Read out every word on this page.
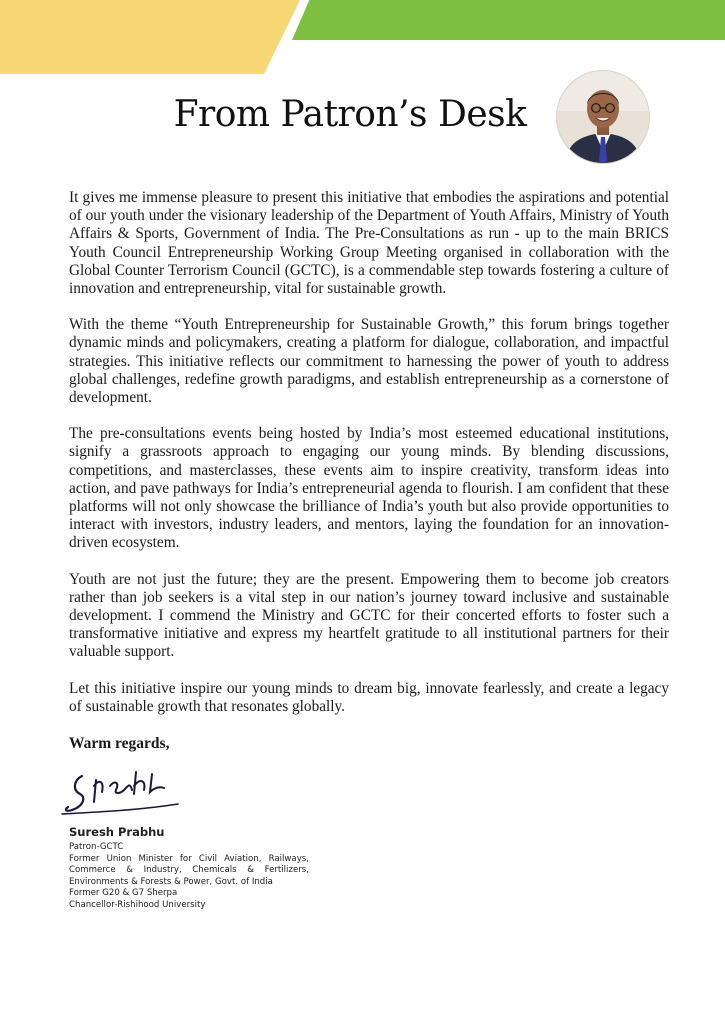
From Patron’s Desk

It gives me immense pleasure to present this initiative that embodies the aspirations and potential of our youth under the visionary leadership of the Department of Youth Affairs, Ministry of Youth Affairs & Sports, Government of India. The Pre-Consultations as run - up to the main BRICS Youth Council Entrepreneurship Working Group Meeting organised in collaboration with the Global Counter Terrorism Council (GCTC), is a commendable step towards fostering a culture of innovation and entrepreneurship, vital for sustainable growth.

With the theme “Youth Entrepreneurship for Sustainable Growth,” this forum brings together dynamic minds and policymakers, creating a platform for dialogue, collaboration, and impactful strategies. This initiative reflects our commitment to harnessing the power of youth to address global challenges, redefine growth paradigms, and establish entrepreneurship as a cornerstone of development.

The pre-consultations events being hosted by India’s most esteemed educational institutions, signify a grassroots approach to engaging our young minds. By blending discussions, competitions, and masterclasses, these events aim to inspire creativity, transform ideas into action, and pave pathways for India’s entrepreneurial agenda to flourish. I am confident that these platforms will not only showcase the brilliance of India’s youth but also provide opportunities to interact with investors, industry leaders, and mentors, laying the foundation for an innovation-driven ecosystem.

Youth are not just the future; they are the present. Empowering them to become job creators rather than job seekers is a vital step in our nation’s journey toward inclusive and sustainable development. I commend the Ministry and GCTC for their concerted efforts to foster such a transformative initiative and express my heartfelt gratitude to all institutional partners for their valuable support.

Let this initiative inspire our young minds to dream big, innovate fearlessly, and create a legacy of sustainable growth that resonates globally.

Warm regards,

Suresh Prabhu

Patron-GCTC

Former Union Minister for Civil Aviation, Railways, Commerce & Industry, Chemicals & Fertilizers, Environments & Forests & Power, Govt. of India

Former G20 & G7 Sherpa

Chancellor-Rishihood University
